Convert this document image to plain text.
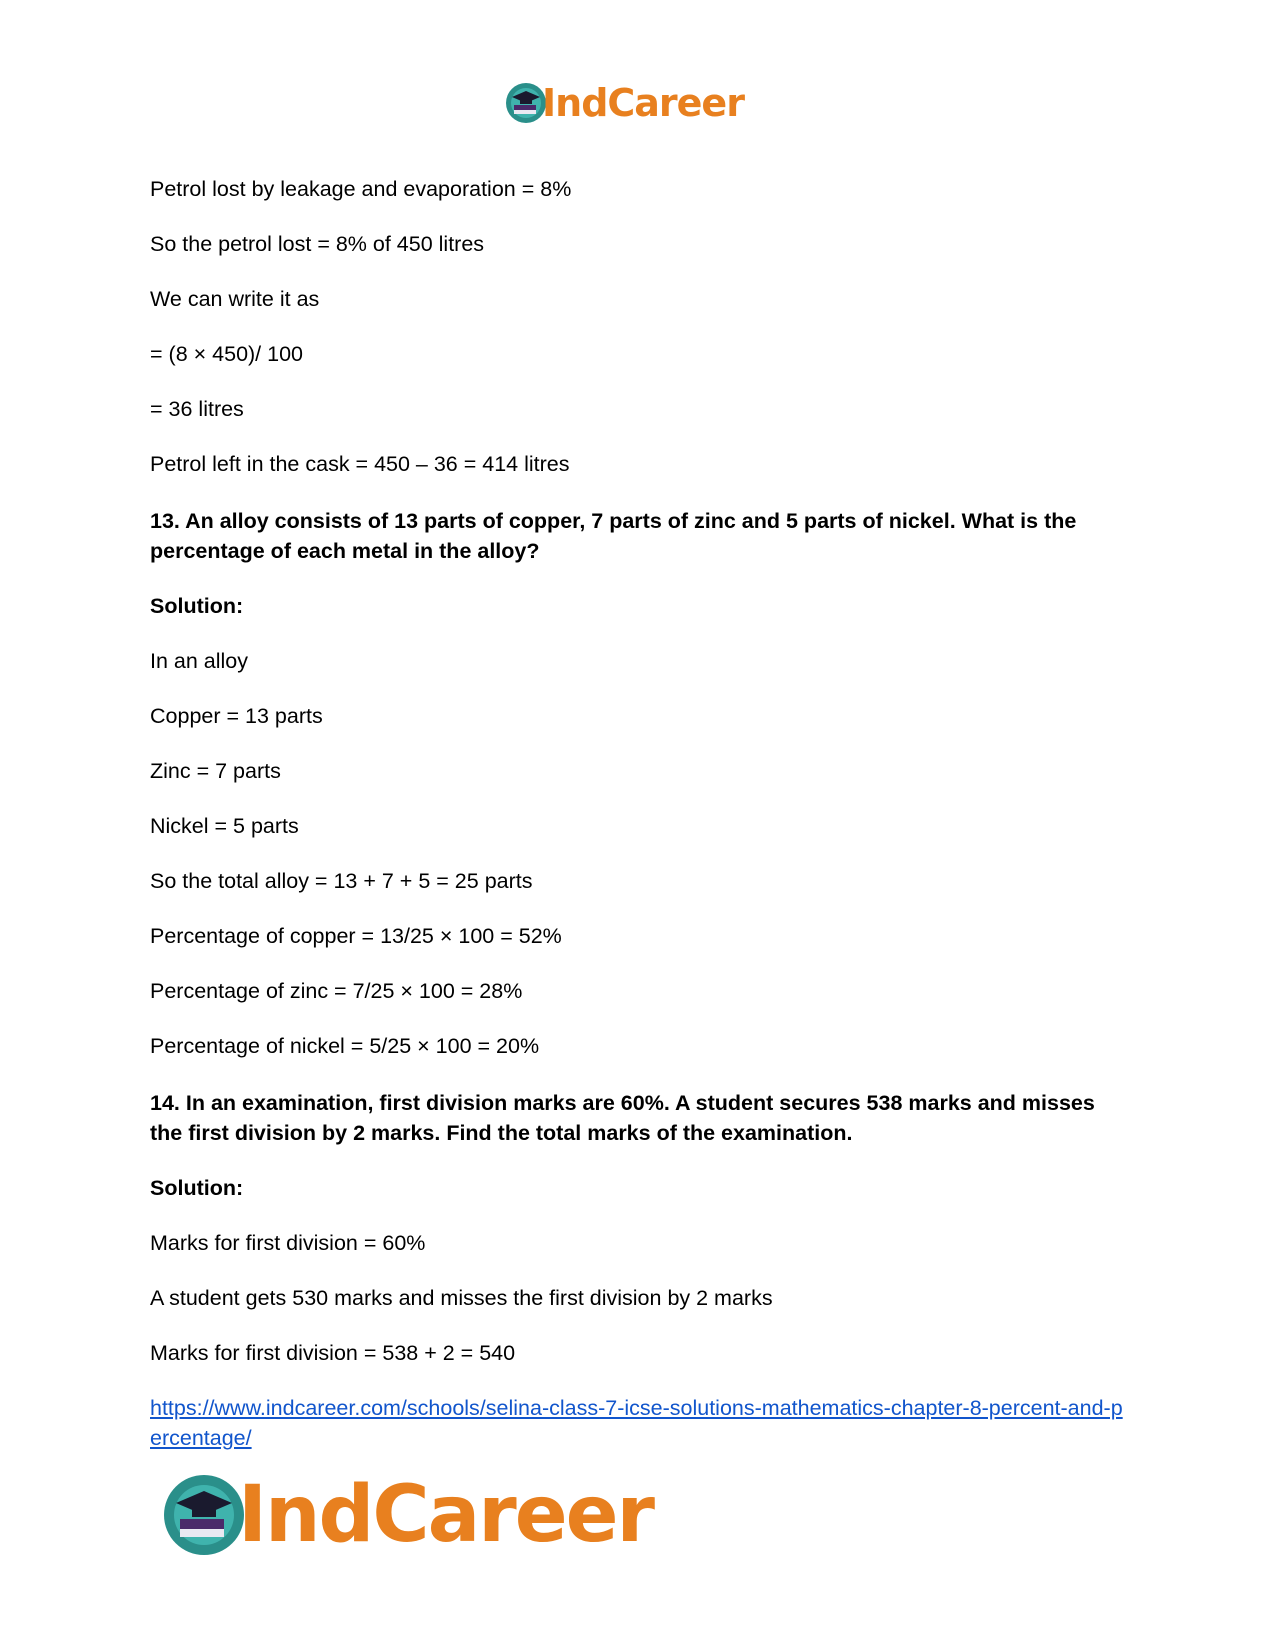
IndCareer
Petrol lost by leakage and evaporation = 8%
So the petrol lost = 8% of 450 litres
We can write it as
= (8 × 450)/ 100
= 36 litres
Petrol left in the cask = 450 – 36 = 414 litres
13. An alloy consists of 13 parts of copper, 7 parts of zinc and 5 parts of nickel. What is the percentage of each metal in the alloy?
Solution:
In an alloy
Copper = 13 parts
Zinc = 7 parts
Nickel = 5 parts
So the total alloy = 13 + 7 + 5 = 25 parts
Percentage of copper = 13/25 × 100 = 52%
Percentage of zinc = 7/25 × 100 = 28%
Percentage of nickel = 5/25 × 100 = 20%
14. In an examination, first division marks are 60%. A student secures 538 marks and misses the first division by 2 marks. Find the total marks of the examination.
Solution:
Marks for first division = 60%
A student gets 530 marks and misses the first division by 2 marks
Marks for first division = 538 + 2 = 540
https://www.indcareer.com/schools/selina-class-7-icse-solutions-mathematics-chapter-8-percent-and-percentage/
IndCareer
